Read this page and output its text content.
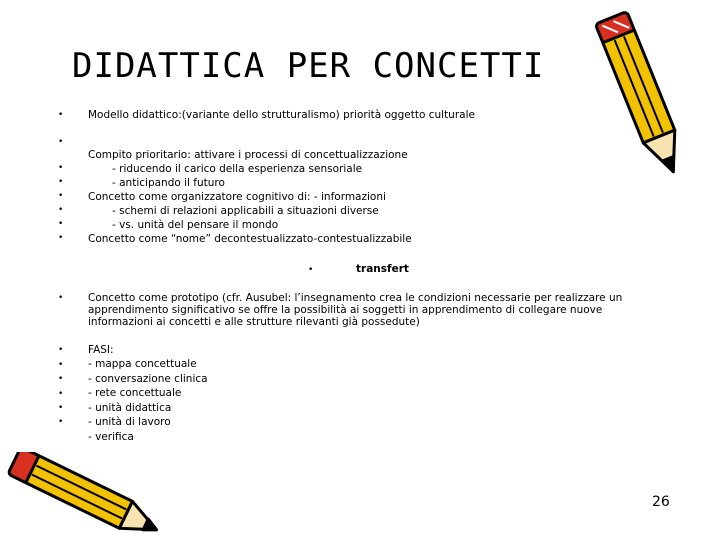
DIDATTICA PER CONCETTI
•
•
•
•
•
•
•
•
Modello didattico:(variante dello strutturalismo) priorità oggetto culturale
Compito prioritario: attivare i processi di concettualizzazione
- riducendo il carico della esperienza sensoriale
- anticipando il futuro
Concetto come organizzatore cognitivo di: - informazioni
- schemi di relazioni applicabili a situazioni diverse
- vs. unità del pensare il mondo
Concetto come “nome” decontestualizzato-contestualizzabile
•	transfert
• Concetto come prototipo (cfr. Ausubel: l’insegnamento crea le condizioni necessarie per realizzare un apprendimento significativo se offre la possibilità ai soggetti in apprendimento di collegare nuove informazioni ai concetti e alle strutture rilevanti già possedute)
•
•
•
•
•
•
FASI:
- mappa concettuale
- conversazione clinica
- rete concettuale
- unità didattica
- unità di lavoro
- verifica
26
